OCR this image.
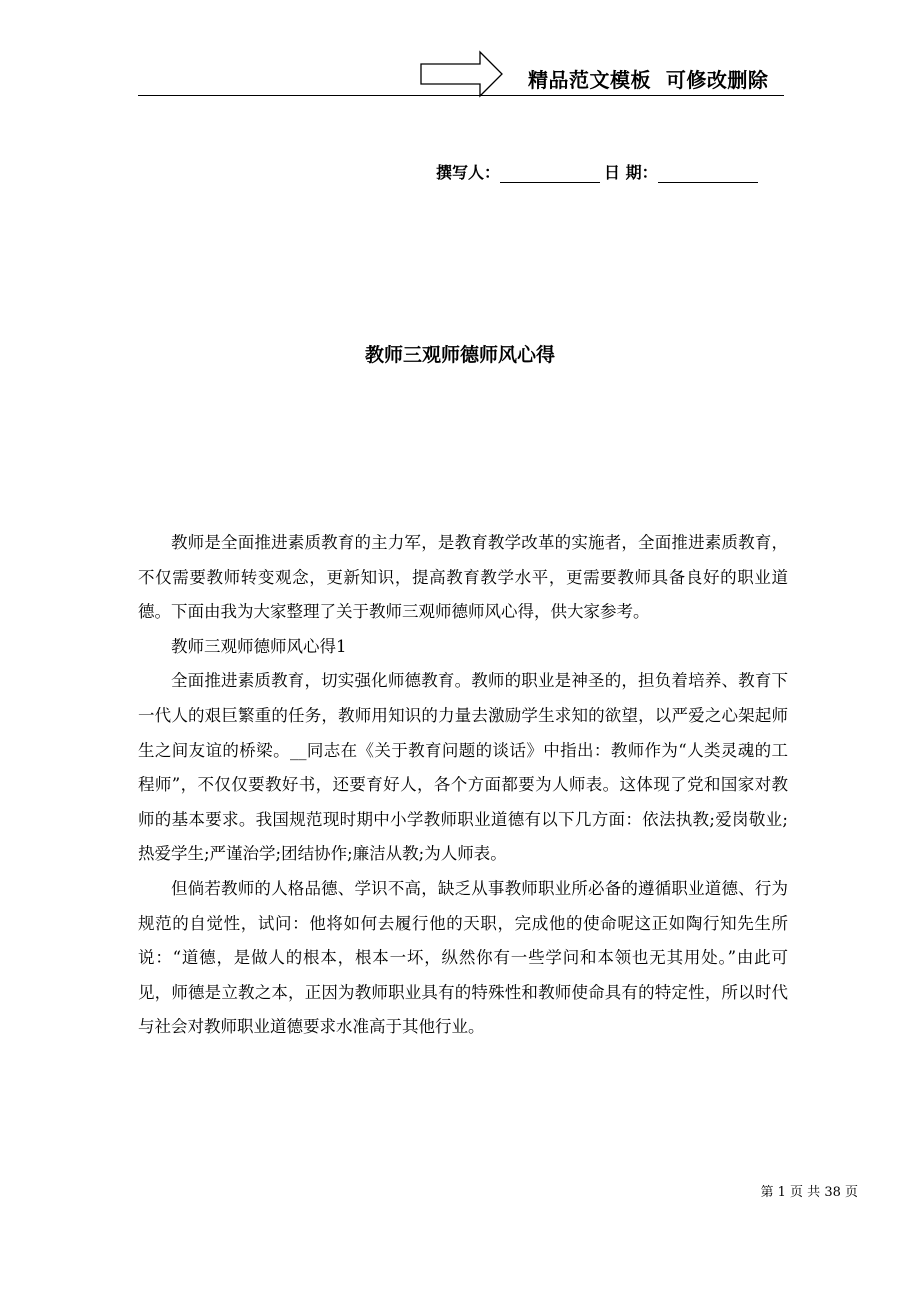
精品范文模板  可修改删除
撰写人：	日 期：
教师三观师德师风心得

教师是全面推进素质教育的主力军，是教育教学改革的实施者，全面推进素质教育，不仅需要教师转变观念，更新知识，提高教育教学水平，更需要教师具备良好的职业道德。下面由我为大家整理了关于教师三观师德师风心得，供大家参考。

教师三观师德师风心得1

全面推进素质教育，切实强化师德教育。教师的职业是神圣的，担负着培养、教育下一代人的艰巨繁重的任务，教师用知识的力量去激励学生求知的欲望，以严爱之心架起师生之间友谊的桥梁。__同志在《关于教育问题的谈话》中指出：教师作为“人类灵魂的工程师”，不仅仅要教好书，还要育好人，各个方面都要为人师表。这体现了党和国家对教师的基本要求。我国规范现时期中小学教师职业道德有以下几方面：依法执教;爱岗敬业;热爱学生;严谨治学;团结协作;廉洁从教;为人师表。

但倘若教师的人格品德、学识不高，缺乏从事教师职业所必备的遵循职业道德、行为规范的自觉性，试问：他将如何去履行他的天职，完成他的使命呢这正如陶行知先生所说：“道德，是做人的根本，根本一坏，纵然你有一些学问和本领也无其用处。”由此可见，师德是立教之本，正因为教师职业具有的特殊性和教师使命具有的特定性，所以时代与社会对教师职业道德要求水准高于其他行业。

第 1 页 共 38 页
